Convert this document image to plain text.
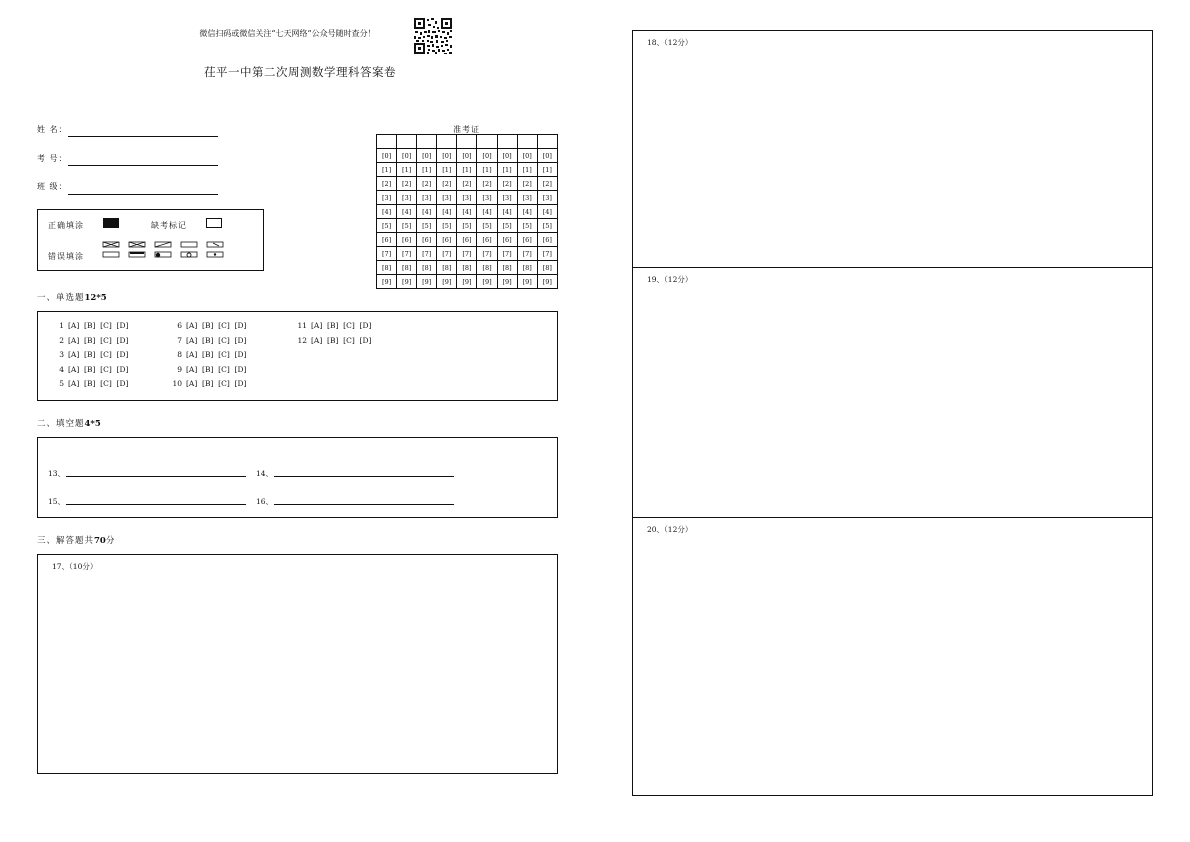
微信扫码或微信关注“七天网络”公众号随时查分！
茌平一中第二次周测数学理科答案卷
姓 名：
考 号：
班 级：
正确填涂	缺考标记
错误填涂
准考证

[0]	[0]	[0]	[0]	[0]	[0]	[0]	[0]	[0]
[1]	[1]	[1]	[1]	[1]	[1]	[1]	[1]	[1]
[2]	[2]	[2]	[2]	[2]	[2]	[2]	[2]	[2]
[3]	[3]	[3]	[3]	[3]	[3]	[3]	[3]	[3]
[4]	[4]	[4]	[4]	[4]	[4]	[4]	[4]	[4]
[5]	[5]	[5]	[5]	[5]	[5]	[5]	[5]	[5]
[6]	[6]	[6]	[6]	[6]	[6]	[6]	[6]	[6]
[7]	[7]	[7]	[7]	[7]	[7]	[7]	[7]	[7]
[8]	[8]	[8]	[8]	[8]	[8]	[8]	[8]	[8]
[9]	[9]	[9]	[9]	[9]	[9]	[9]	[9]	[9]
一、单选题12*5
1 [A]  [B]  [C]  [D]
2 [A]  [B]  [C]  [D]
3 [A]  [B]  [C]  [D]
4 [A]  [B]  [C]  [D]
5 [A]  [B]  [C]  [D]
6 [A]  [B]  [C]  [D]
7 [A]  [B]  [C]  [D]
8 [A]  [B]  [C]  [D]
9 [A]  [B]  [C]  [D]
10 [A]  [B]  [C]  [D]
11 [A]  [B]  [C]  [D]
12 [A]  [B]  [C]  [D]
二、填空题4*5
13、	14、
15、	16、
三、解答题共70分
17、（10分）
18、（12分）
19、（12分）
20、（12分）
